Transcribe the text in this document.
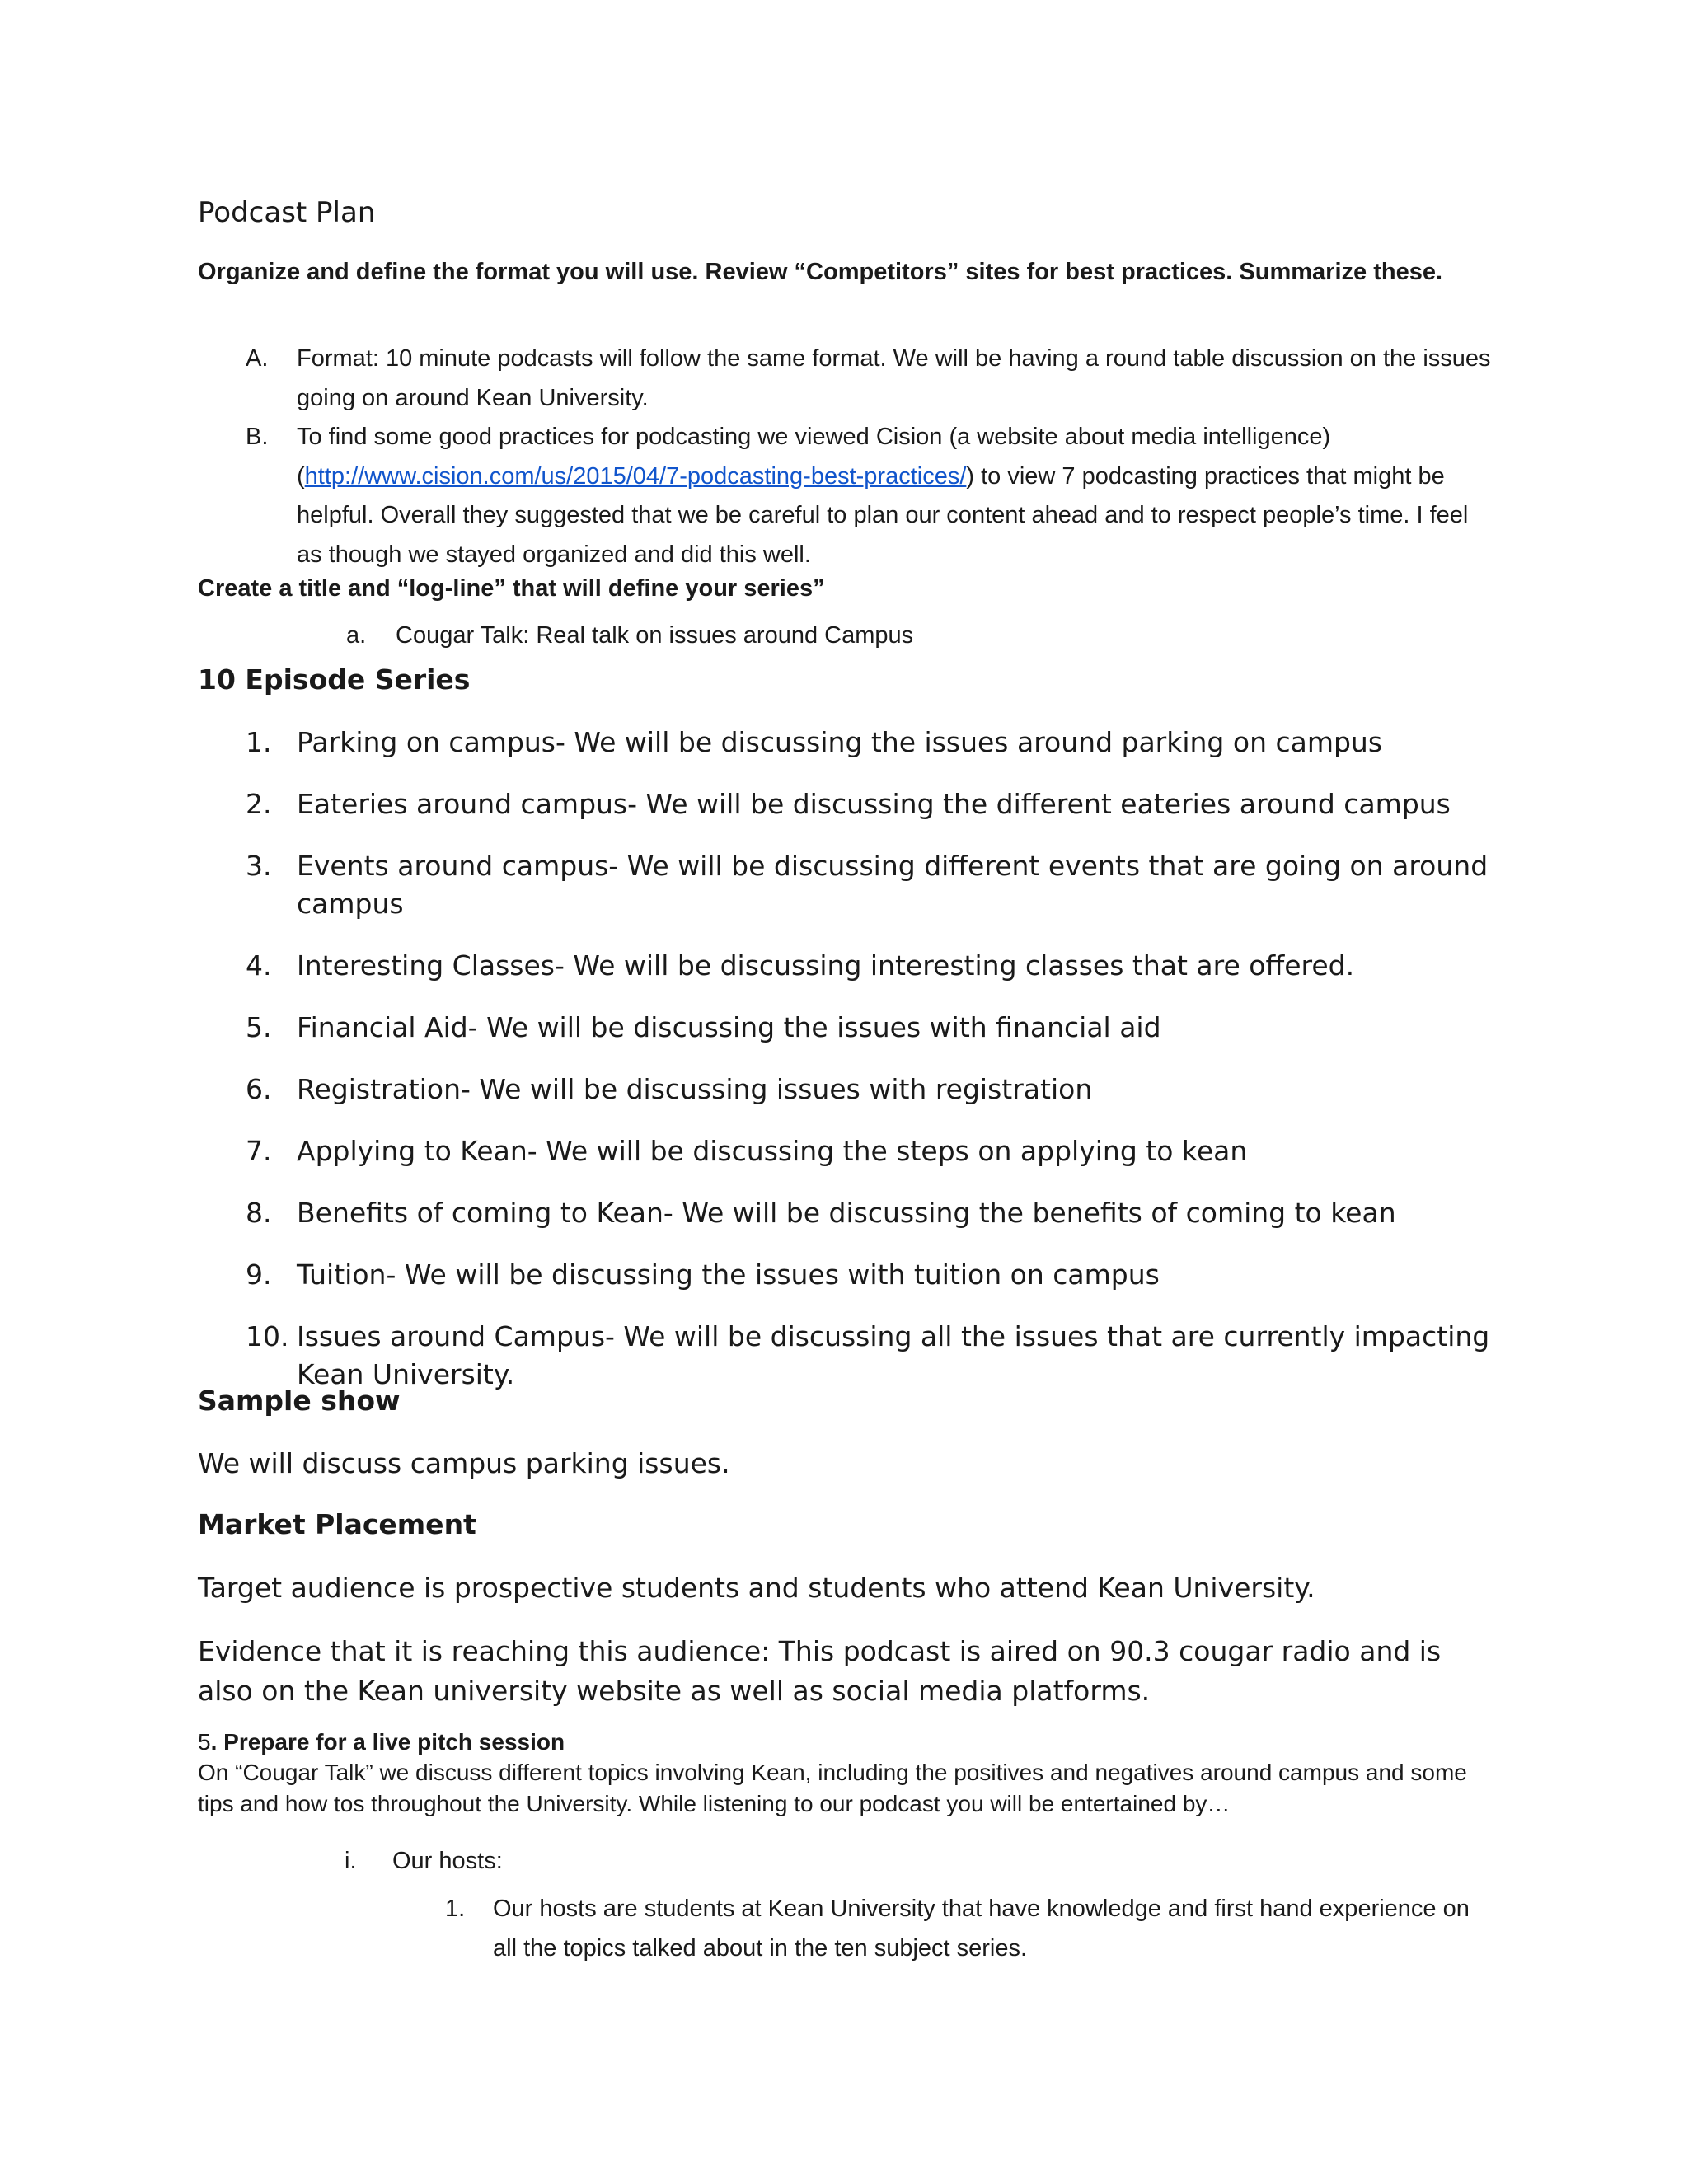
Podcast Plan
Organize and define the format you will use. Review “Competitors” sites for best practices. Summarize these.
A. Format: 10 minute podcasts will follow the same format. We will be having a round table discussion on the issues going on around Kean University.
B. To find some good practices for podcasting we viewed Cision (a website about media intelligence) (http://www.cision.com/us/2015/04/7-podcasting-best-practices/) to view 7 podcasting practices that might be helpful. Overall they suggested that we be careful to plan our content ahead and to respect people’s time. I feel as though we stayed organized and did this well.
Create a title and “log-line” that will define your series”
a. Cougar Talk: Real talk on issues around Campus
10 Episode Series
1. Parking on campus- We will be discussing the issues around parking on campus
2. Eateries around campus- We will be discussing the different eateries around campus
3. Events around campus- We will be discussing different events that are going on around campus
4. Interesting Classes- We will be discussing interesting classes that are offered.
5. Financial Aid- We will be discussing the issues with financial aid
6. Registration- We will be discussing issues with registration
7. Applying to Kean- We will be discussing the steps on applying to kean
8. Benefits of coming to Kean- We will be discussing the benefits of coming to kean
9. Tuition- We will be discussing the issues with tuition on campus
10. Issues around Campus- We will be discussing all the issues that are currently impacting Kean University.
Sample show
We will discuss campus parking issues.
Market Placement
Target audience is prospective students and students who attend Kean University.
Evidence that it is reaching this audience: This podcast is aired on 90.3 cougar radio and is also on the Kean university website as well as social media platforms.
5. Prepare for a live pitch session
On “Cougar Talk” we discuss different topics involving Kean, including the positives and negatives around campus and some tips and how tos throughout the University. While listening to our podcast you will be entertained by…
i. Our hosts:
1. Our hosts are students at Kean University that have knowledge and first hand experience on all the topics talked about in the ten subject series.
